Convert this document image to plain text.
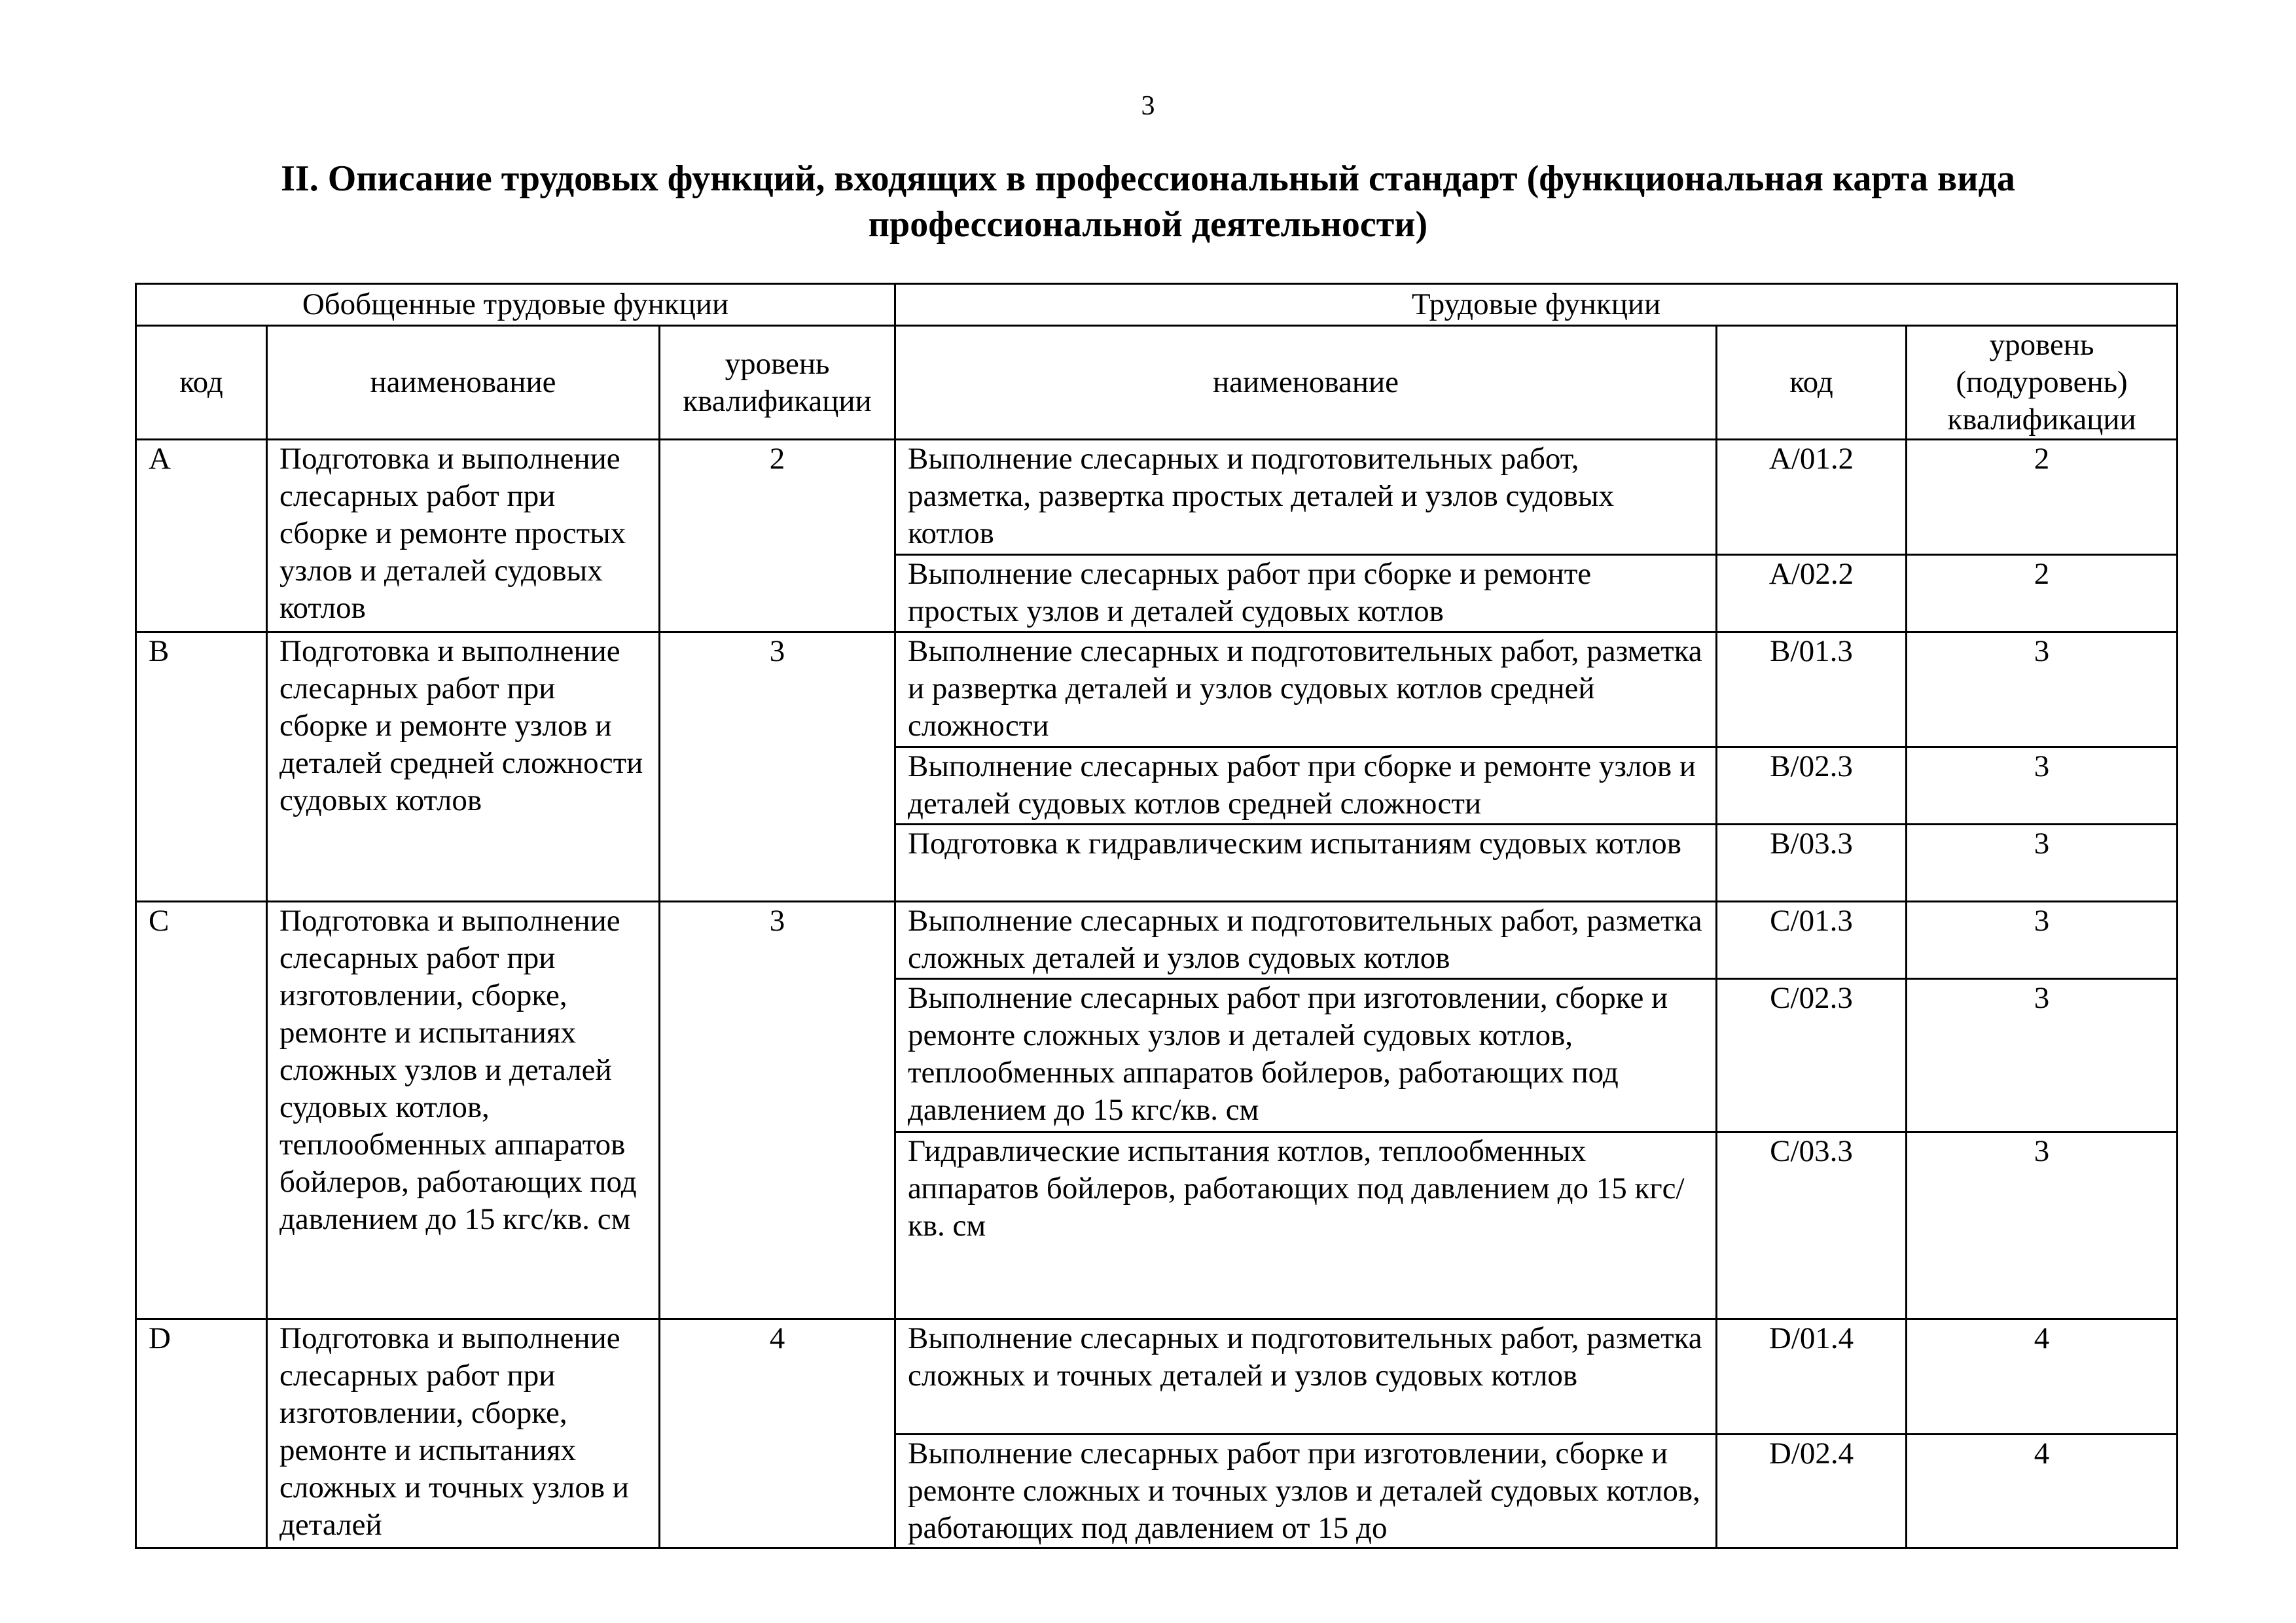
3
II. Описание трудовых функций, входящих в профессиональный стандарт (функциональная карта вида профессиональной деятельности)
Обобщенные трудовые функции			Трудовые функции		
код	наименование	уровень квалификации	наименование	код	уровень (подуровень) квалификации
A	Подготовка и выполнение слесарных работ при сборке и ремонте простых узлов и деталей судовых котлов	2	Выполнение слесарных и подготовительных работ, разметка, развертка простых деталей и узлов судовых котлов	A/01.2	2
			Выполнение слесарных работ при сборке и ремонте простых узлов и деталей судовых котлов	A/02.2	2
B	Подготовка и выполнение слесарных работ при сборке и ремонте узлов и деталей средней сложности судовых котлов	3	Выполнение слесарных и подготовительных работ, разметка и развертка деталей и узлов судовых котлов средней сложности	B/01.3	3
			Выполнение слесарных работ при сборке и ремонте узлов и деталей судовых котлов средней сложности	B/02.3	3
			Подготовка к гидравлическим испытаниям судовых котлов	B/03.3	3
C	Подготовка и выполнение слесарных работ при изготовлении, сборке, ремонте и испытаниях сложных узлов и деталей судовых котлов, теплообменных аппаратов бойлеров, работающих под давлением до 15 кгс/кв. см	3	Выполнение слесарных и подготовительных работ, разметка сложных деталей и узлов судовых котлов	C/01.3	3
			Выполнение слесарных работ при изготовлении, сборке и ремонте сложных узлов и деталей судовых котлов, теплообменных аппаратов бойлеров, работающих под давлением до 15 кгс/кв. см	C/02.3	3
			Гидравлические испытания котлов, теплообменных аппаратов бойлеров, работающих под давлением до 15 кгс/кв. см	C/03.3	3
D	Подготовка и выполнение слесарных работ при изготовлении, сборке, ремонте и испытаниях сложных и точных узлов и деталей	4	Выполнение слесарных и подготовительных работ, разметка сложных и точных деталей и узлов судовых котлов	D/01.4	4
			Выполнение слесарных работ при изготовлении, сборке и ремонте сложных и точных узлов и деталей судовых котлов, работающих под давлением от 15 до	D/02.4	4
